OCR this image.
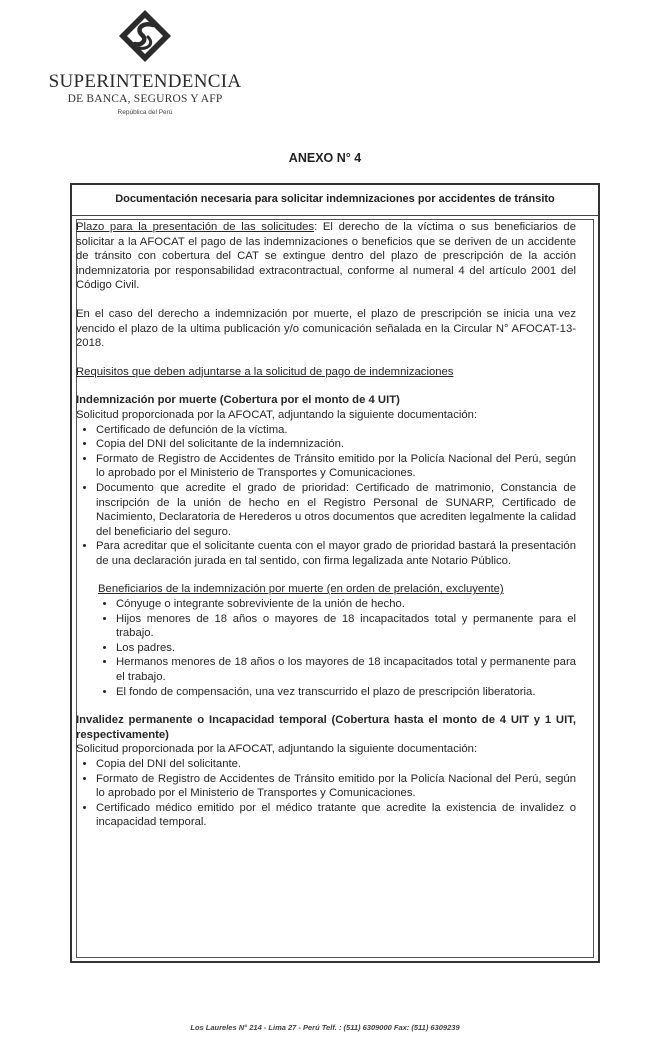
SUPERINTENDENCIA
DE BANCA, SEGUROS Y AFP
República del Perú
ANEXO N° 4
Documentación necesaria para solicitar indemnizaciones por accidentes de tránsito

Plazo para la presentación de las solicitudes: El derecho de la víctima o sus beneficiarios de solicitar a la AFOCAT el pago de las indemnizaciones o beneficios que se deriven de un accidente de tránsito con cobertura del CAT se extingue dentro del plazo de prescripción de la acción indemnizatoria por responsabilidad extracontractual, conforme al numeral 4 del artículo 2001 del Código Civil.

En el caso del derecho a indemnización por muerte, el plazo de prescripción se inicia una vez vencido el plazo de la ultima publicación y/o comunicación señalada en la Circular N° AFOCAT-13-2018.

Requisitos que deben adjuntarse a la solicitud de pago de indemnizaciones

Indemnización por muerte (Cobertura por el monto de 4 UIT)

Solicitud proporcionada por la AFOCAT, adjuntando la siguiente documentación:

• Certificado de defunción de la víctima.
• Copia del DNI del solicitante de la indemnización.
• Formato de Registro de Accidentes de Tránsito emitido por la Policía Nacional del Perú, según lo aprobado por el Ministerio de Transportes y Comunicaciones.
• Documento que acredite el grado de prioridad: Certificado de matrimonio, Constancia de inscripción de la unión de hecho en el Registro Personal de SUNARP, Certificado de Nacimiento, Declaratoria de Herederos u otros documentos que acrediten legalmente la calidad del beneficiario del seguro.
• Para acreditar que el solicitante cuenta con el mayor grado de prioridad bastará la presentación de una declaración jurada en tal sentido, con firma legalizada ante Notario Público.

Beneficiarios de la indemnización por muerte (en orden de prelación, excluyente)

• Cónyuge o integrante sobreviviente de la unión de hecho.
• Hijos menores de 18 años o mayores de 18 incapacitados total y permanente para el trabajo.
• Los padres.
• Hermanos menores de 18 años o los mayores de 18 incapacitados total y permanente para el trabajo.
• El fondo de compensación, una vez transcurrido el plazo de prescripción liberatoria.

Invalidez permanente o Incapacidad temporal (Cobertura hasta el monto de 4 UIT y 1 UIT, respectivamente)

Solicitud proporcionada por la AFOCAT, adjuntando la siguiente documentación:

• Copia del DNI del solicitante.
• Formato de Registro de Accidentes de Tránsito emitido por la Policía Nacional del Perú, según lo aprobado por el Ministerio de Transportes y Comunicaciones.
• Certificado médico emitido por el médico tratante que acredite la existencia de invalidez o incapacidad temporal.
Los Laureles N° 214 - Lima 27 - Perú Telf. : (511) 6309000 Fax: (511) 6309239
